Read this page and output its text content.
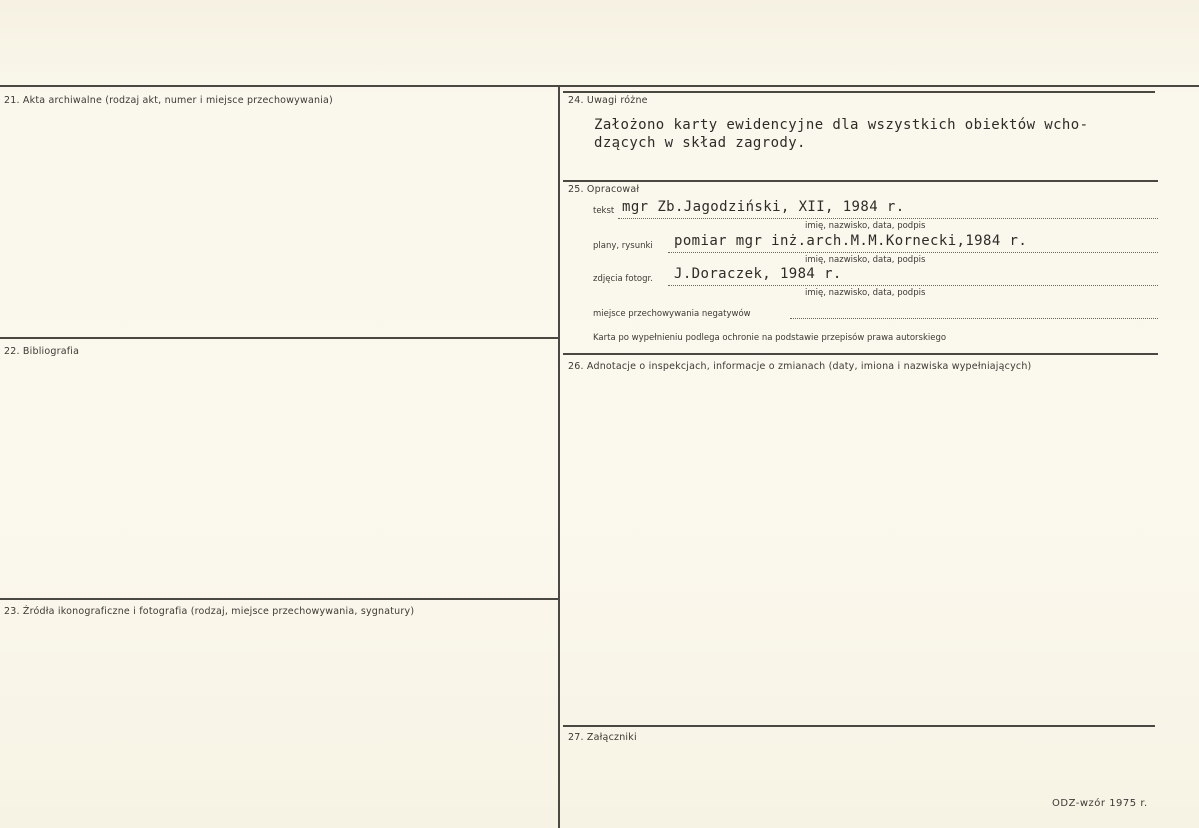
21. Akta archiwalne (rodzaj akt, numer i miejsce przechowywania)
22. Bibliografia
23. Źródła ikonograficzne i fotografia (rodzaj, miejsce przechowywania, sygnatury)
24. Uwagi różne
Założono karty ewidencyjne dla wszystkich obiektów wcho-
dzących w skład zagrody.
25. Opracował
tekst mgr Zb.Jagodziński, XII, 1984 r.
imię, nazwisko, data, podpis
plany, rysunki pomiar mgr inż.arch.M.M.Kornecki,1984 r.
imię, nazwisko, data, podpis
zdjęcia fotogr. J.Doraczek, 1984 r.
imię, nazwisko, data, podpis
miejsce przechowywania negatywów
Karta po wypełnieniu podlega ochronie na podstawie przepisów prawa autorskiego
26. Adnotacje o inspekcjach, informacje o zmianach (daty, imiona i nazwiska wypełniających)
27. Załączniki
ODZ-wzór 1975 r.
